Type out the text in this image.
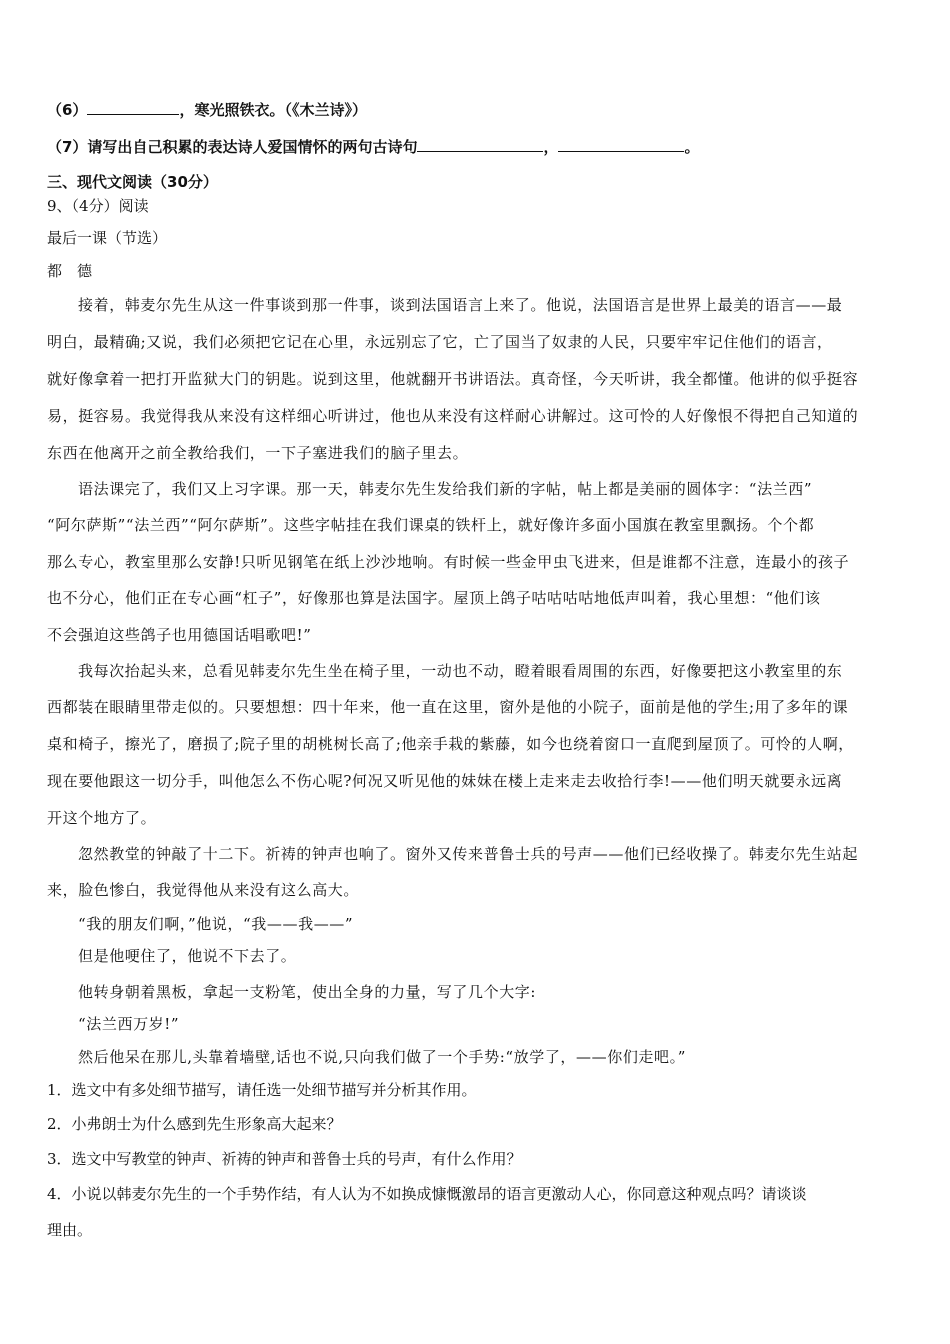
（6）	，寒光照铁衣。（《木兰诗》）
（7）请写出自己积累的表达诗人爱国情怀的两句古诗句	，	。
三、现代文阅读（30分）
9、（4分）阅读
最后一课（节选）
都　德
接着，韩麦尔先生从这一件事谈到那一件事，谈到法国语言上来了。他说，法国语言是世界上最美的语言——最
明白，最精确;又说，我们必须把它记在心里，永远别忘了它，亡了国当了奴隶的人民，只要牢牢记住他们的语言，
就好像拿着一把打开监狱大门的钥匙。说到这里，他就翻开书讲语法。真奇怪，今天听讲，我全都懂。他讲的似乎挺容
易，挺容易。我觉得我从来没有这样细心听讲过，他也从来没有这样耐心讲解过。这可怜的人好像恨不得把自己知道的
东西在他离开之前全教给我们，一下子塞进我们的脑子里去。
语法课完了，我们又上习字课。那一天，韩麦尔先生发给我们新的字帖，帖上都是美丽的圆体字：“法兰西”
“阿尔萨斯”“法兰西”“阿尔萨斯”。这些字帖挂在我们课桌的铁杆上，就好像许多面小国旗在教室里飘扬。个个都
那么专心，教室里那么安静!只听见钢笔在纸上沙沙地响。有时候一些金甲虫飞进来，但是谁都不注意，连最小的孩子
也不分心，他们正在专心画“杠子”，好像那也算是法国字。屋顶上鸽子咕咕咕咕地低声叫着，我心里想：“他们该
不会强迫这些鸽子也用德国话唱歌吧!”
我每次抬起头来，总看见韩麦尔先生坐在椅子里，一动也不动，瞪着眼看周围的东西，好像要把这小教室里的东
西都装在眼睛里带走似的。只要想想：四十年来，他一直在这里，窗外是他的小院子，面前是他的学生;用了多年的课
桌和椅子，擦光了，磨损了;院子里的胡桃树长高了;他亲手栽的紫藤，如今也绕着窗口一直爬到屋顶了。可怜的人啊，
现在要他跟这一切分手，叫他怎么不伤心呢?何况又听见他的妹妹在楼上走来走去收拾行李!——他们明天就要永远离
开这个地方了。
忽然教堂的钟敲了十二下。祈祷的钟声也响了。窗外又传来普鲁士兵的号声——他们已经收操了。韩麦尔先生站起
来，脸色惨白，我觉得他从来没有这么高大。
“我的朋友们啊，”他说，“我——我——”
但是他哽住了，他说不下去了。
他转身朝着黑板，拿起一支粉笔，使出全身的力量，写了几个大字:
“法兰西万岁!”
然后他呆在那儿,头靠着墙壁,话也不说,只向我们做了一个手势:“放学了，——你们走吧。”
1．选文中有多处细节描写，请任选一处细节描写并分析其作用。
2．小弗朗士为什么感到先生形象高大起来？
3．选文中写教堂的钟声、祈祷的钟声和普鲁士兵的号声，有什么作用？
4．小说以韩麦尔先生的一个手势作结，有人认为不如换成慷慨激昂的语言更激动人心，你同意这种观点吗？请谈谈
理由。
